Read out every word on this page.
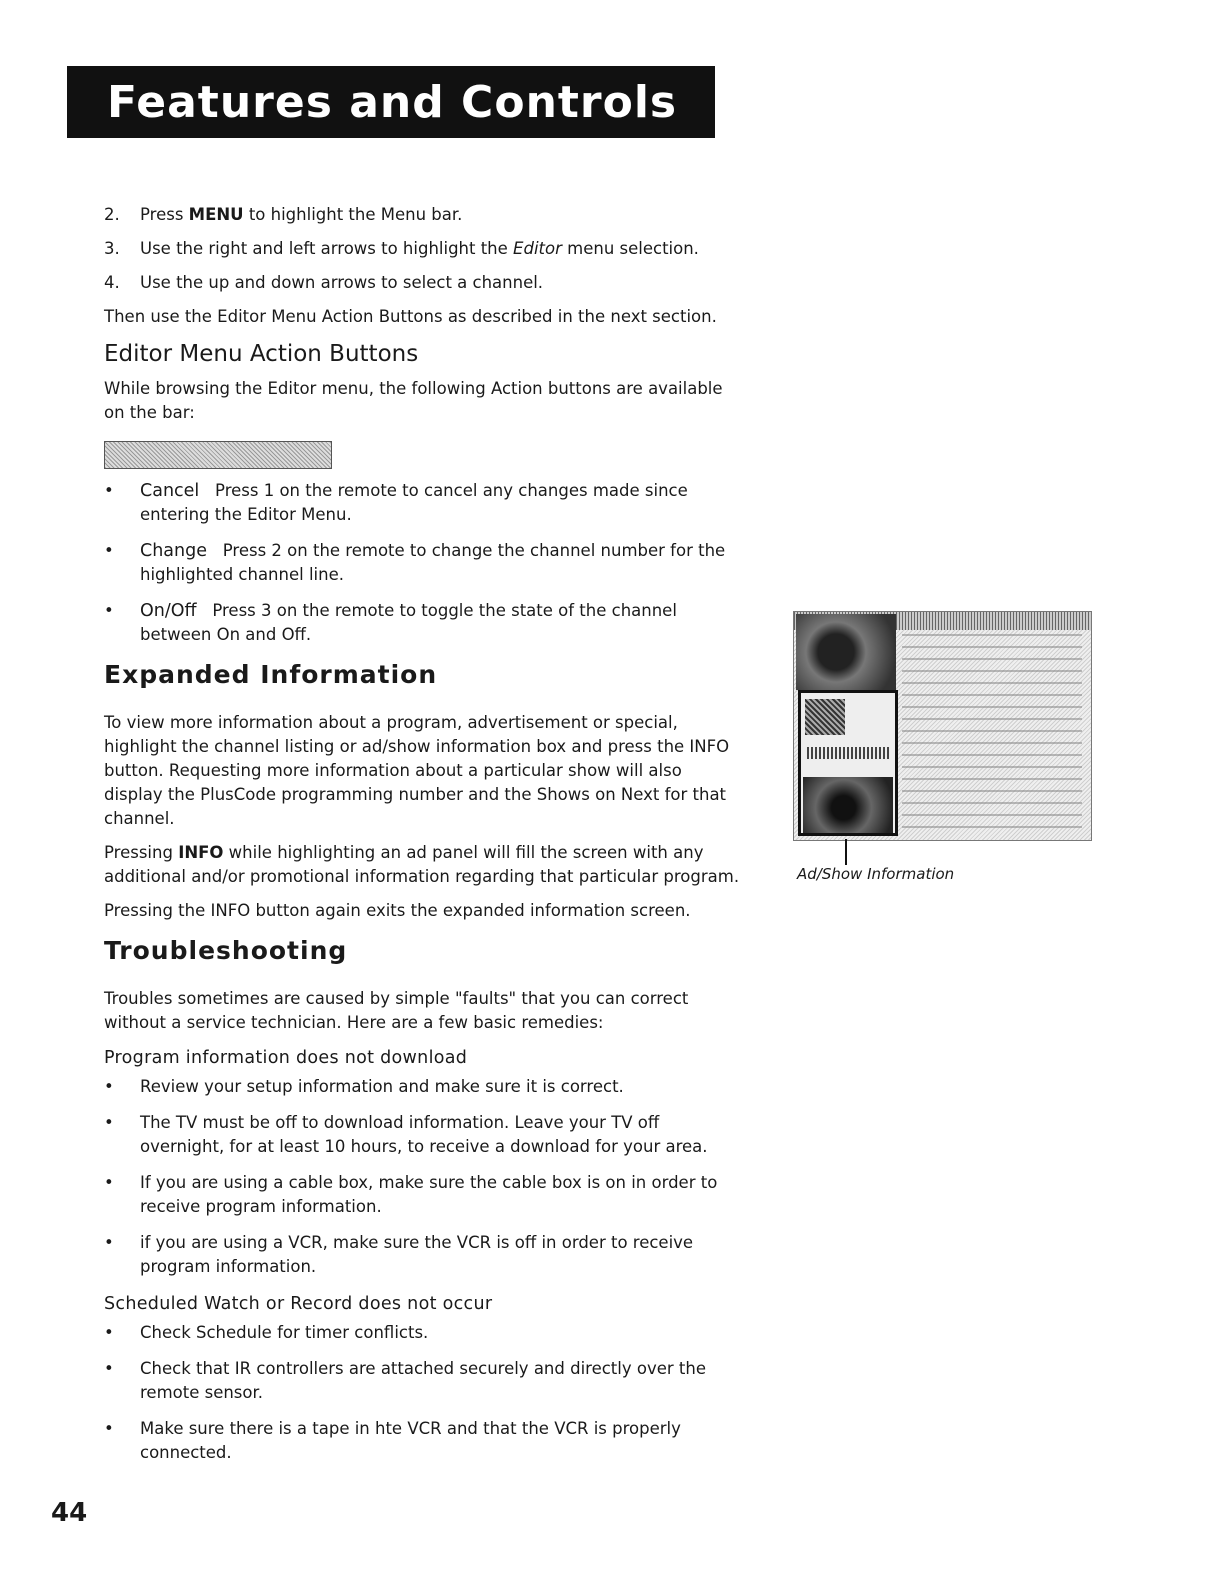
Features and Controls
2.	Press MENU to highlight the Menu bar.
3.	Use the right and left arrows to highlight the Editor menu selection.
4.	Use the up and down arrows to select a channel.

Then use the Editor Menu Action Buttons as described in the next section.

Editor Menu Action Buttons

While browsing the Editor menu, the following Action buttons are available on the bar:

•	Cancel Press 1 on the remote to cancel any changes made since entering the Editor Menu.
•	Change Press 2 on the remote to change the channel number for the highlighted channel line.
•	On/Off Press 3 on the remote to toggle the state of the channel between On and Off.
Expanded Information

To view more information about a program, advertisement or special, highlight the channel listing or ad/show information box and press the INFO button. Requesting more information about a particular show will also display the PlusCode programming number and the Shows on Next for that channel.

Pressing INFO while highlighting an ad panel will fill the screen with any additional and/or promotional information regarding that particular program.

Pressing the INFO button again exits the expanded information screen.

Troubleshooting

Troubles sometimes are caused by simple "faults" that you can correct without a service technician. Here are a few basic remedies:

Program information does not download
•	Review your setup information and make sure it is correct.
•	The TV must be off to download information. Leave your TV off overnight, for at least 10 hours, to receive a download for your area.
•	If you are using a cable box, make sure the cable box is on in order to receive program information.
•	if you are using a VCR, make sure the VCR is off in order to receive program information.
Scheduled Watch or Record does not occur
•	Check Schedule for timer conflicts.
•	Check that IR controllers are attached securely and directly over the remote sensor.
•	Make sure there is a tape in hte VCR and that the VCR is properly connected.
Ad/Show Information
44
